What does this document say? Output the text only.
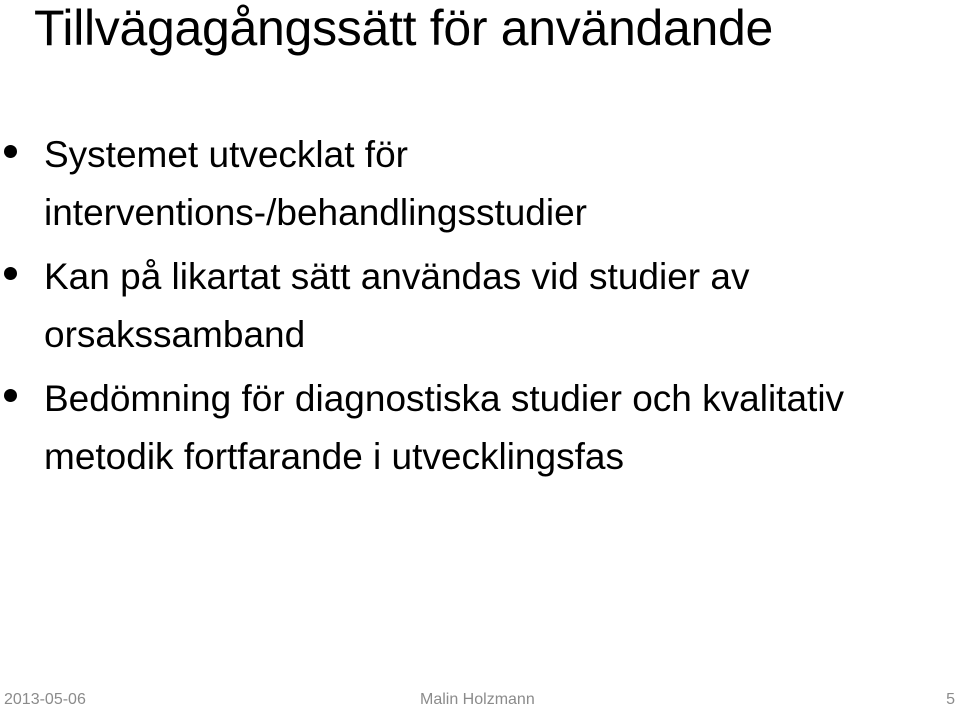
Tillvägagångssätt för användande
Systemet utvecklat för interventions-/behandlingsstudier
Kan på likartat sätt användas vid studier av orsakssamband
Bedömning för diagnostiska studier och kvalitativ metodik fortfarande i utvecklingsfas
2013-05-06	Malin Holzmann	5
